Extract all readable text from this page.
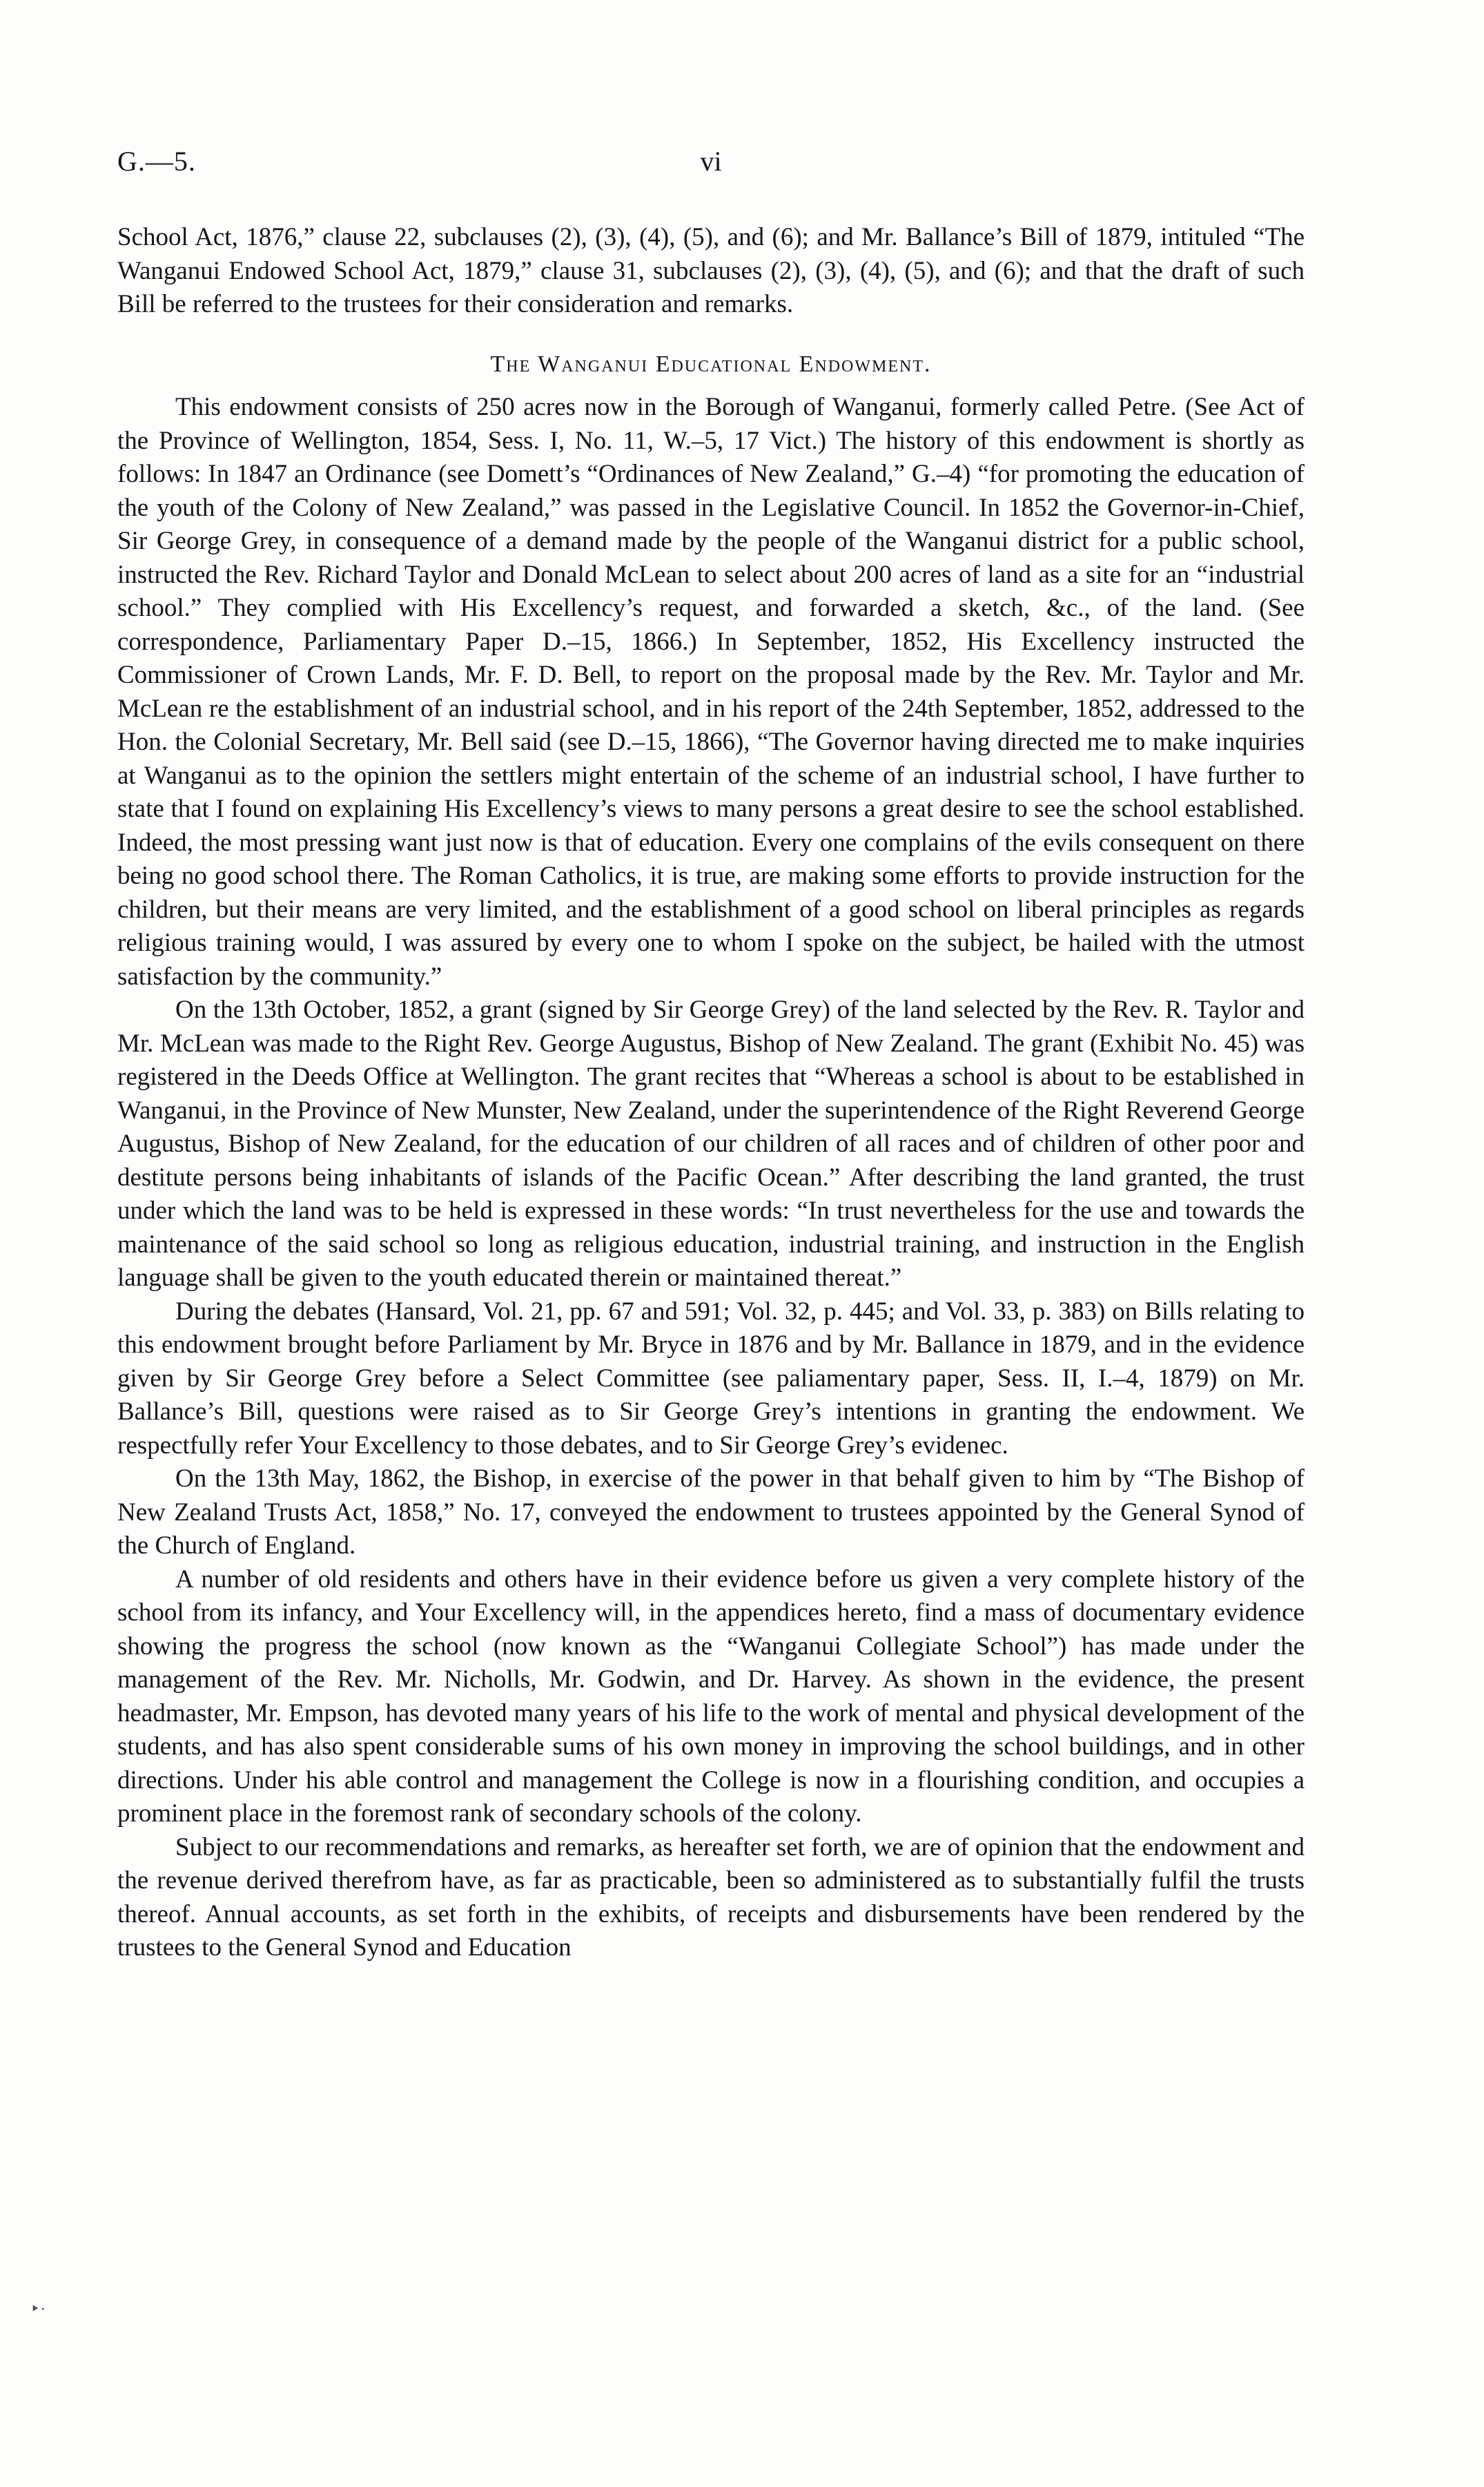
G.—5.	vi

School Act, 1876,” clause 22, subclauses (2), (3), (4), (5), and (6); and Mr. Ballance’s Bill of 1879, intituled “The Wanganui Endowed School Act, 1879,” clause 31, subclauses (2), (3), (4), (5), and (6); and that the draft of such Bill be referred to the trustees for their consideration and remarks.

The Wanganui Educational Endowment.

This endowment consists of 250 acres now in the Borough of Wanganui, formerly called Petre. (See Act of the Province of Wellington, 1854, Sess. I, No. 11, W.–5, 17 Vict.) The history of this endowment is shortly as follows: In 1847 an Ordinance (see Domett’s “Ordinances of New Zealand,” G.–4) “for promoting the education of the youth of the Colony of New Zealand,” was passed in the Legislative Council. In 1852 the Governor-in-Chief, Sir George Grey, in consequence of a demand made by the people of the Wanganui district for a public school, instructed the Rev. Richard Taylor and Donald McLean to select about 200 acres of land as a site for an “industrial school.” They complied with His Excellency’s request, and forwarded a sketch, &c., of the land. (See correspondence, Parliamentary Paper D.–15, 1866.) In September, 1852, His Excellency instructed the Commissioner of Crown Lands, Mr. F. D. Bell, to report on the proposal made by the Rev. Mr. Taylor and Mr. McLean re the establishment of an industrial school, and in his report of the 24th September, 1852, addressed to the Hon. the Colonial Secretary, Mr. Bell said (see D.–15, 1866), “The Governor having directed me to make inquiries at Wanganui as to the opinion the settlers might entertain of the scheme of an industrial school, I have further to state that I found on explaining His Excellency’s views to many persons a great desire to see the school established. Indeed, the most pressing want just now is that of education. Every one complains of the evils consequent on there being no good school there. The Roman Catholics, it is true, are making some efforts to provide instruction for the children, but their means are very limited, and the establishment of a good school on liberal principles as regards religious training would, I was assured by every one to whom I spoke on the subject, be hailed with the utmost satisfaction by the community.”

On the 13th October, 1852, a grant (signed by Sir George Grey) of the land selected by the Rev. R. Taylor and Mr. McLean was made to the Right Rev. George Augustus, Bishop of New Zealand. The grant (Exhibit No. 45) was registered in the Deeds Office at Wellington. The grant recites that “Whereas a school is about to be established in Wanganui, in the Province of New Munster, New Zealand, under the superintendence of the Right Reverend George Augustus, Bishop of New Zealand, for the education of our children of all races and of children of other poor and destitute persons being inhabitants of islands of the Pacific Ocean.” After describing the land granted, the trust under which the land was to be held is expressed in these words: “In trust nevertheless for the use and towards the maintenance of the said school so long as religious education, industrial training, and instruction in the English language shall be given to the youth educated therein or maintained thereat.”

During the debates (Hansard, Vol. 21, pp. 67 and 591; Vol. 32, p. 445; and Vol. 33, p. 383) on Bills relating to this endowment brought before Parliament by Mr. Bryce in 1876 and by Mr. Ballance in 1879, and in the evidence given by Sir George Grey before a Select Committee (see paliamentary paper, Sess. II, I.–4, 1879) on Mr. Ballance’s Bill, questions were raised as to Sir George Grey’s intentions in granting the endowment. We respectfully refer Your Excellency to those debates, and to Sir George Grey’s evidenec.

On the 13th May, 1862, the Bishop, in exercise of the power in that behalf given to him by “The Bishop of New Zealand Trusts Act, 1858,” No. 17, conveyed the endowment to trustees appointed by the General Synod of the Church of England.

A number of old residents and others have in their evidence before us given a very complete history of the school from its infancy, and Your Excellency will, in the appendices hereto, find a mass of documentary evidence showing the progress the school (now known as the “Wanganui Collegiate School”) has made under the management of the Rev. Mr. Nicholls, Mr. Godwin, and Dr. Harvey. As shown in the evidence, the present headmaster, Mr. Empson, has devoted many years of his life to the work of mental and physical development of the students, and has also spent considerable sums of his own money in improving the school buildings, and in other directions. Under his able control and management the College is now in a flourishing condition, and occupies a prominent place in the foremost rank of secondary schools of the colony.

Subject to our recommendations and remarks, as hereafter set forth, we are of opinion that the endowment and the revenue derived therefrom have, as far as practicable, been so administered as to substantially fulfil the trusts thereof. Annual accounts, as set forth in the exhibits, of receipts and disbursements have been rendered by the trustees to the General Synod and Education

‣·
